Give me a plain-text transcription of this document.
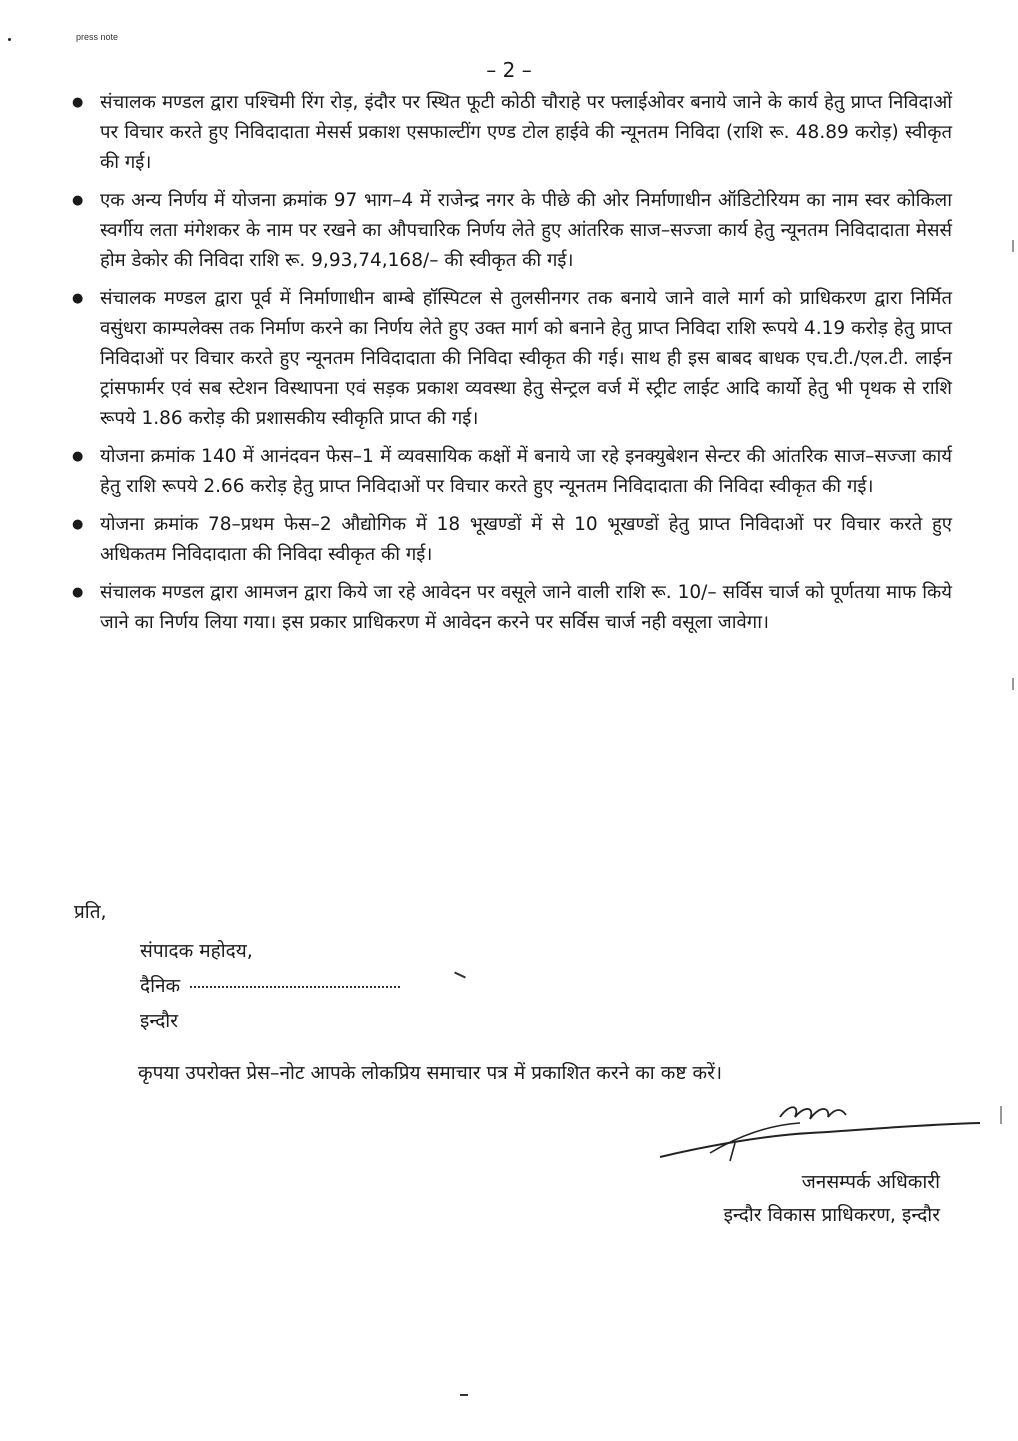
press note
– 2 –
● संचालक मण्डल द्वारा पश्चिमी रिंग रोड़, इंदौर पर स्थित फूटी कोठी चौराहे पर फ्लाईओवर बनाये जाने के कार्य हेतु प्राप्त निविदाओं पर विचार करते हुए निविदादाता मेसर्स प्रकाश एसफाल्टींग एण्ड टोल हाईवे की न्यूनतम निविदा (राशि रू. 48.89 करोड़) स्वीकृत की गई।
● एक अन्य निर्णय में योजना क्रमांक 97 भाग–4 में राजेन्द्र नगर के पीछे की ओर निर्माणाधीन ऑडिटोरियम का नाम स्वर कोकिला स्वर्गीय लता मंगेशकर के नाम पर रखने का औपचारिक निर्णय लेते हुए आंतरिक साज–सज्जा कार्य हेतु न्यूनतम निविदादाता मेसर्स होम डेकोर की निविदा राशि रू. 9,93,74,168/– की स्वीकृत की गई।
● संचालक मण्डल द्वारा पूर्व में निर्माणाधीन बाम्बे हॉस्पिटल से तुलसीनगर तक बनाये जाने वाले मार्ग को प्राधिकरण द्वारा निर्मित वसुंधरा काम्पलेक्स तक निर्माण करने का निर्णय लेते हुए उक्त मार्ग को बनाने हेतु प्राप्त निविदा राशि रूपये 4.19 करोड़ हेतु प्राप्त निविदाओं पर विचार करते हुए न्यूनतम निविदादाता की निविदा स्वीकृत की गई। साथ ही इस बाबद बाधक एच.टी./एल.टी. लाईन ट्रांसफार्मर एवं सब स्टेशन विस्थापना एवं सड़क प्रकाश व्यवस्था हेतु सेन्ट्रल वर्ज में स्ट्रीट लाईट आदि कार्यो हेतु भी पृथक से राशि रूपये 1.86 करोड़ की प्रशासकीय स्वीकृति प्राप्त की गई।
● योजना क्रमांक 140 में आनंदवन फेस–1 में व्यवसायिक कक्षों में बनाये जा रहे इनक्युबेशन सेन्टर की आंतरिक साज–सज्जा कार्य हेतु राशि रूपये 2.66 करोड़ हेतु प्राप्त निविदाओं पर विचार करते हुए न्यूनतम निविदादाता की निविदा स्वीकृत की गई।
● योजना क्रमांक 78–प्रथम फेस–2 औद्योगिक में 18 भूखण्डों में से 10 भूखण्डों हेतु प्राप्त निविदाओं पर विचार करते हुए अधिकतम निविदादाता की निविदा स्वीकृत की गई।
● संचालक मण्डल द्वारा आमजन द्वारा किये जा रहे आवेदन पर वसूले जाने वाली राशि रू. 10/– सर्विस चार्ज को पूर्णतया माफ किये जाने का निर्णय लिया गया। इस प्रकार प्राधिकरण में आवेदन करने पर सर्विस चार्ज नही वसूला जावेगा।
प्रति,
संपादक महोदय,
दैनिक
इन्दौर
कृपया उपरोक्त प्रेस–नोट आपके लोकप्रिय समाचार पत्र में प्रकाशित करने का कष्ट करें।
जनसम्पर्क अधिकारी
इन्दौर विकास प्राधिकरण, इन्दौर
